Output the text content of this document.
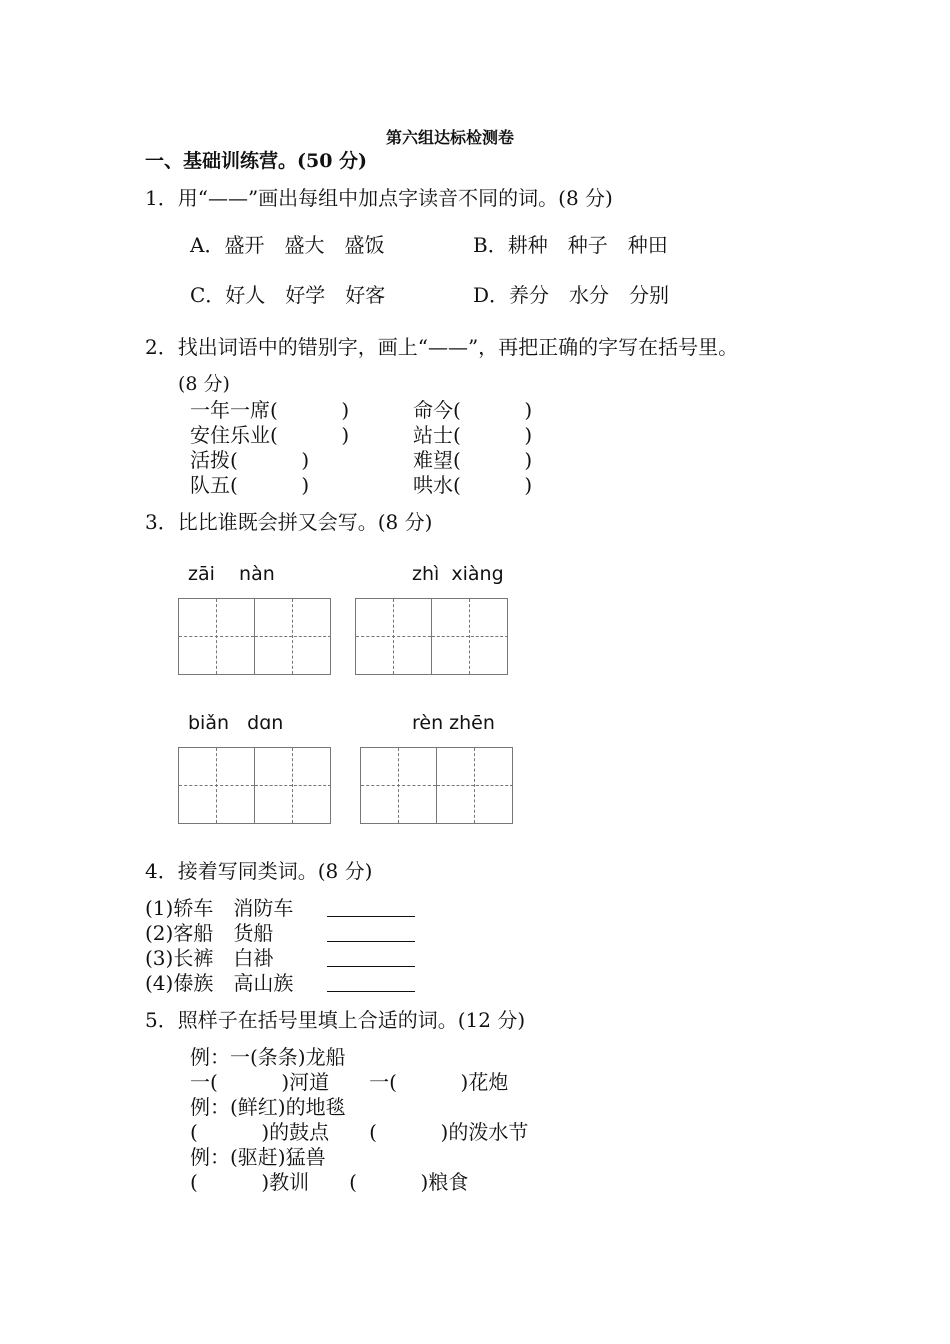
第六组达标检测卷
一、基础训练营。(50 分)
1．用“——”画出每组中加点字读音不同的词。(8 分)
A．盛开　盛大　盛饭	B．耕种　种子　种田
C．好人　好学　好客	D．养分　水分　分别
2．找出词语中的错别字，画上“——”，再把正确的字写在括号里。
(8 分)
一年一席(          )	命今(          )
安住乐业(          )	站士(          )
活拨(          )	难望(          )
队五(          )	哄水(          )
3．比比谁既会拼又会写。(8 分)
zāi    nàn	zhì  xiàng
biǎn   dɑn	rèn zhēn
4．接着写同类词。(8 分)
(1)轿车　消防车
(2)客船　货船
(3)长裤　白褂
(4)傣族　高山族
5．照样子在括号里填上合适的词。(12 分)
例：一(条条)龙船
一(          )河道　　一(          )花炮
例：(鲜红)的地毯
(          )的鼓点　　(          )的泼水节
例：(驱赶)猛兽
(          )教训　　(          )粮食
